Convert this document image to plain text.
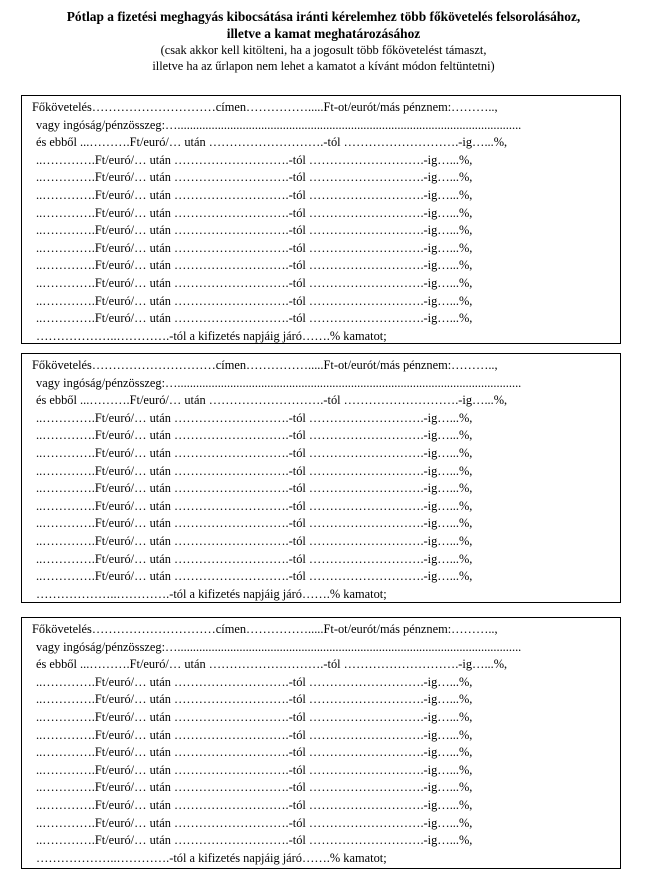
Pótlap a fizetési meghagyás kibocsátása iránti kérelemhez több főkövetelés felsorolásához,
illetve a kamat meghatározásához
(csak akkor kell kitölteni, ha a jogosult több főkövetelést támaszt,
illetve ha az űrlapon nem lehet a kamatot a kívánt módon feltüntetni)
Főkövetelés…………………………címen…………….....Ft-ot/eurót/más pénznem:………..,
vagy ingóság/pénzösszeg:…...............................................................................................................
és ebből ...……….Ft/euró/… után ……………………….-tól ……………………….-ig…...%,
..………….Ft/euró/… után ……………………….-tól ……………………….-ig…...%,
..………….Ft/euró/… után ……………………….-tól ……………………….-ig…...%,
..………….Ft/euró/… után ……………………….-tól ……………………….-ig…...%,
..………….Ft/euró/… után ……………………….-tól ……………………….-ig…...%,
..………….Ft/euró/… után ……………………….-tól ……………………….-ig…...%,
..………….Ft/euró/… után ……………………….-tól ……………………….-ig…...%,
..………….Ft/euró/… után ……………………….-tól ……………………….-ig…...%,
..………….Ft/euró/… után ……………………….-tól ……………………….-ig…...%,
..………….Ft/euró/… után ……………………….-tól ……………………….-ig…...%,
..………….Ft/euró/… után ……………………….-tól ……………………….-ig…...%,
………………..………….-tól a kifizetés napjáig járó…….% kamatot;
Főkövetelés…………………………címen…………….....Ft-ot/eurót/más pénznem:………..,
vagy ingóság/pénzösszeg:…...............................................................................................................
és ebből ...……….Ft/euró/… után ……………………….-tól ……………………….-ig…...%,
..………….Ft/euró/… után ……………………….-tól ……………………….-ig…...%,
..………….Ft/euró/… után ……………………….-tól ……………………….-ig…...%,
..………….Ft/euró/… után ……………………….-tól ……………………….-ig…...%,
..………….Ft/euró/… után ……………………….-tól ……………………….-ig…...%,
..………….Ft/euró/… után ……………………….-tól ……………………….-ig…...%,
..………….Ft/euró/… után ……………………….-tól ……………………….-ig…...%,
..………….Ft/euró/… után ……………………….-tól ……………………….-ig…...%,
..………….Ft/euró/… után ……………………….-tól ……………………….-ig…...%,
..………….Ft/euró/… után ……………………….-tól ……………………….-ig…...%,
..………….Ft/euró/… után ……………………….-tól ……………………….-ig…...%,
………………..………….-tól a kifizetés napjáig járó…….% kamatot;
Főkövetelés…………………………címen…………….....Ft-ot/eurót/más pénznem:………..,
vagy ingóság/pénzösszeg:…...............................................................................................................
és ebből ...……….Ft/euró/… után ……………………….-tól ……………………….-ig…...%,
..………….Ft/euró/… után ……………………….-tól ……………………….-ig…...%,
..………….Ft/euró/… után ……………………….-tól ……………………….-ig…...%,
..………….Ft/euró/… után ……………………….-tól ……………………….-ig…...%,
..………….Ft/euró/… után ……………………….-tól ……………………….-ig…...%,
..………….Ft/euró/… után ……………………….-tól ……………………….-ig…...%,
..………….Ft/euró/… után ……………………….-tól ……………………….-ig…...%,
..………….Ft/euró/… után ……………………….-tól ……………………….-ig…...%,
..………….Ft/euró/… után ……………………….-tól ……………………….-ig…...%,
..………….Ft/euró/… után ……………………….-tól ……………………….-ig…...%,
..………….Ft/euró/… után ……………………….-tól ……………………….-ig…...%,
………………..………….-tól a kifizetés napjáig járó…….% kamatot;
